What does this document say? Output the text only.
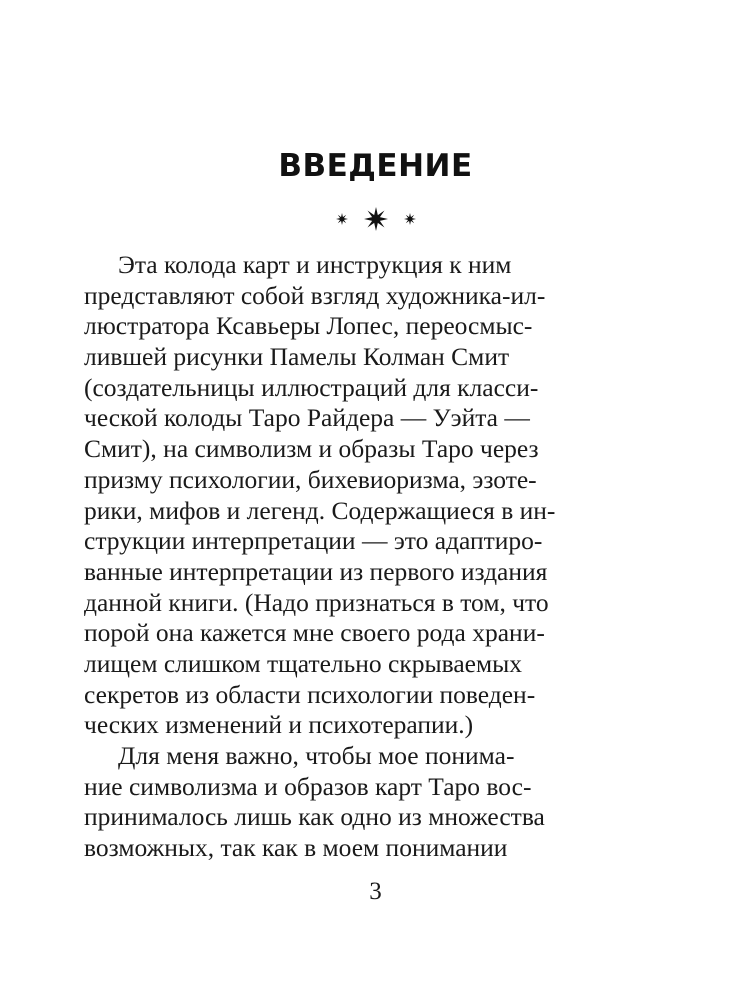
ВВЕДЕНИЕ
Эта колода карт и инструкция к ним
представляют собой взгляд художника-ил-
люстратора Ксавьеры Лопес, переосмыс-
лившей рисунки Памелы Колман Смит
(создательницы иллюстраций для класси-
ческой колоды Таро Райдера — Уэйта —
Смит), на символизм и образы Таро через
призму психологии, бихевиоризма, эзоте-
рики, мифов и легенд. Содержащиеся в ин-
струкции интерпретации — это адаптиро-
ванные интерпретации из первого издания
данной книги. (Надо признаться в том, что
порой она кажется мне своего рода храни-
лищем слишком тщательно скрываемых
секретов из области психологии поведен-
ческих изменений и психотерапии.)
Для меня важно, чтобы мое понима-
ние символизма и образов карт Таро вос-
принималось лишь как одно из множества
возможных, так как в моем понимании
3
